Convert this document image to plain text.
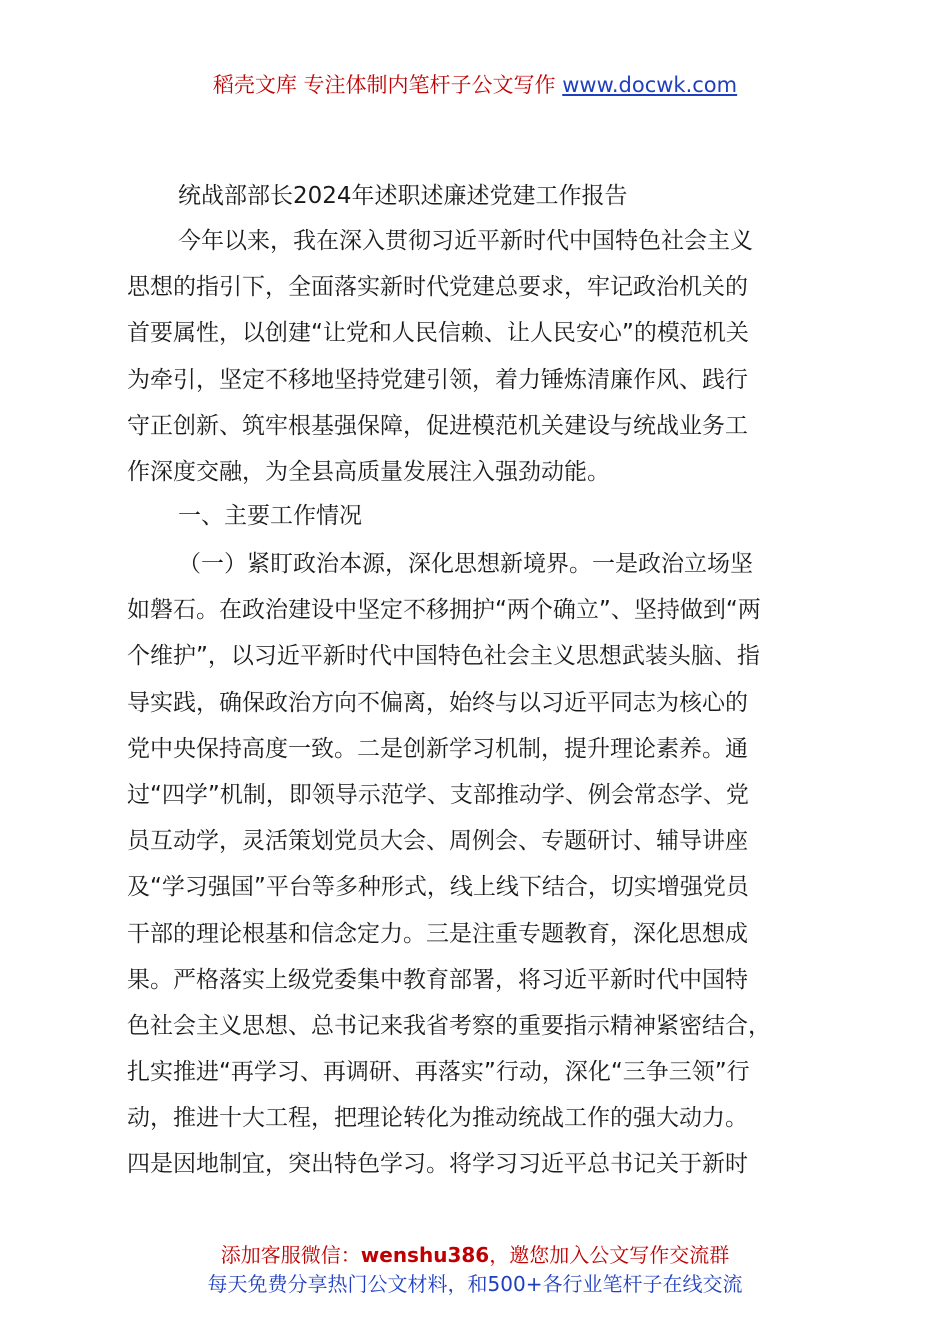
稻壳文库 专注体制内笔杆子公文写作 www.docwk.com
统战部部长2024年述职述廉述党建工作报告
今年以来，我在深入贯彻习近平新时代中国特色社会主义
思想的指引下，全面落实新时代党建总要求，牢记政治机关的
首要属性，以创建“让党和人民信赖、让人民安心”的模范机关
为牵引，坚定不移地坚持党建引领，着力锤炼清廉作风、践行
守正创新、筑牢根基强保障，促进模范机关建设与统战业务工
作深度交融，为全县高质量发展注入强劲动能。
一、主要工作情况
（一）紧盯政治本源，深化思想新境界。一是政治立场坚
如磐石。在政治建设中坚定不移拥护“两个确立”、坚持做到“两
个维护”，以习近平新时代中国特色社会主义思想武装头脑、指
导实践，确保政治方向不偏离，始终与以习近平同志为核心的
党中央保持高度一致。二是创新学习机制，提升理论素养。通
过“四学”机制，即领导示范学、支部推动学、例会常态学、党
员互动学，灵活策划党员大会、周例会、专题研讨、辅导讲座
及“学习强国”平台等多种形式，线上线下结合，切实增强党员
干部的理论根基和信念定力。三是注重专题教育，深化思想成
果。严格落实上级党委集中教育部署，将习近平新时代中国特
色社会主义思想、总书记来我省考察的重要指示精神紧密结合，
扎实推进“再学习、再调研、再落实”行动，深化“三争三领”行
动，推进十大工程，把理论转化为推动统战工作的强大动力。
四是因地制宜，突出特色学习。将学习习近平总书记关于新时
添加客服微信：wenshu386，邀您加入公文写作交流群
每天免费分享热门公文材料，和500+各行业笔杆子在线交流
